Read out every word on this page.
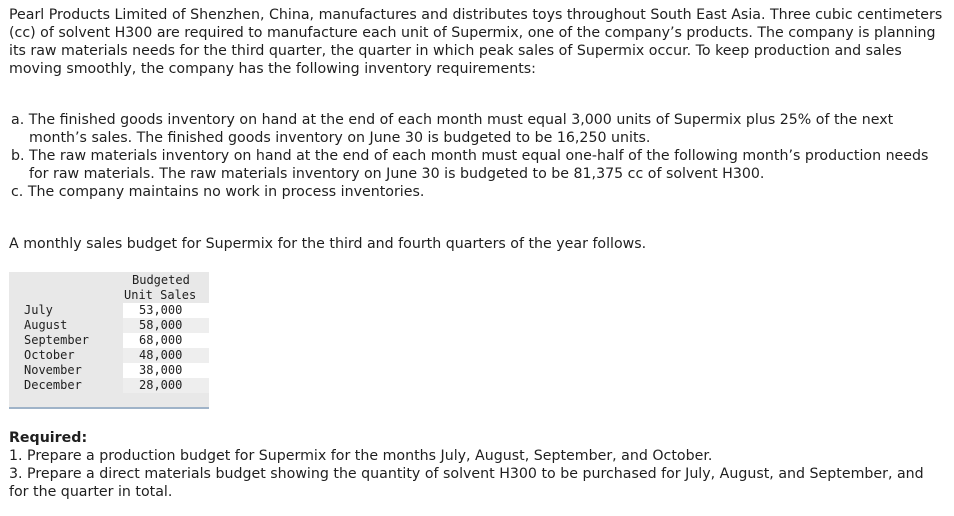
Pearl Products Limited of Shenzhen, China, manufactures and distributes toys throughout South East Asia. Three cubic centimeters (cc) of solvent H300 are required to manufacture each unit of Supermix, one of the company’s products. The company is planning its raw materials needs for the third quarter, the quarter in which peak sales of Supermix occur. To keep production and sales moving smoothly, the company has the following inventory requirements:

a. The finished goods inventory on hand at the end of each month must equal 3,000 units of Supermix plus 25% of the next month’s sales. The finished goods inventory on June 30 is budgeted to be 16,250 units.
b. The raw materials inventory on hand at the end of each month must equal one-half of the following month’s production needs for raw materials. The raw materials inventory on June 30 is budgeted to be 81,375 cc of solvent H300.
c. The company maintains no work in process inventories.

A monthly sales budget for Supermix for the third and fourth quarters of the year follows.

Budgeted
Unit Sales
July	53,000
August	58,000
September	68,000
October	48,000
November	38,000
December	28,000

Required:

1. Prepare a production budget for Supermix for the months July, August, September, and October.

3. Prepare a direct materials budget showing the quantity of solvent H300 to be purchased for July, August, and September, and for the quarter in total.
